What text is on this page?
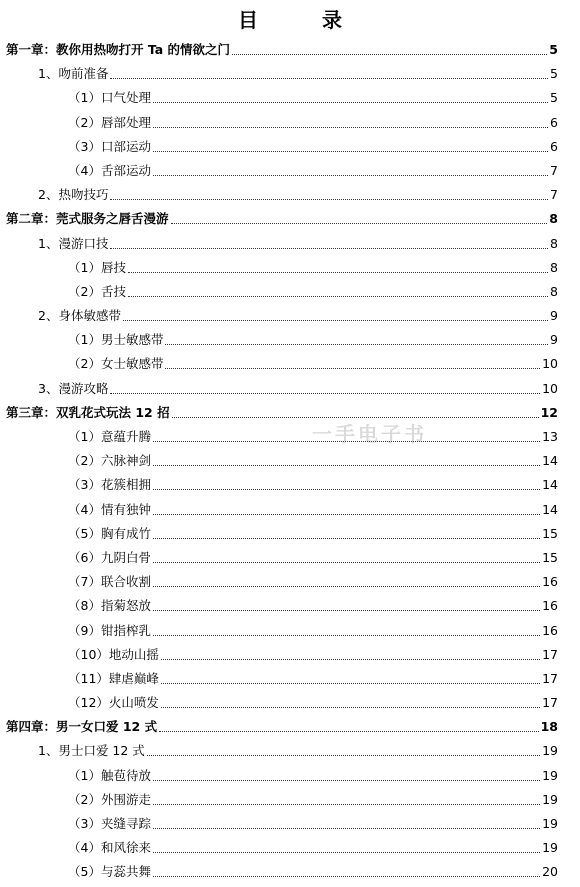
目　录
第一章：教你用热吻打开 Ta 的情欲之门	5
1、吻前准备	5
（1）口气处理	5
（2）唇部处理	6
（3）口部运动	6
（4）舌部运动	7
2、热吻技巧	7
第二章：莞式服务之唇舌漫游	8
1、漫游口技	8
（1）唇技	8
（2）舌技	8
2、身体敏感带	9
（1）男士敏感带	9
（2）女士敏感带	10
3、漫游攻略	10
第三章：双乳花式玩法 12 招	12
（1）意蕴升腾	13
（2）六脉神剑	14
（3）花簇相拥	14
（4）情有独钟	14
（5）胸有成竹	15
（6）九阴白骨	15
（7）联合收割	16
（8）指菊怒放	16
（9）钳指榨乳	16
（10）地动山摇	17
（11）肆虐巅峰	17
（12）火山喷发	17
第四章：男一女口爱 12 式	18
1、男士口爱 12 式	19
（1）触苞待放	19
（2）外围游走	19
（3）夹缝寻踪	19
（4）和风徐来	19
（5）与蕊共舞	20
一手电子书
